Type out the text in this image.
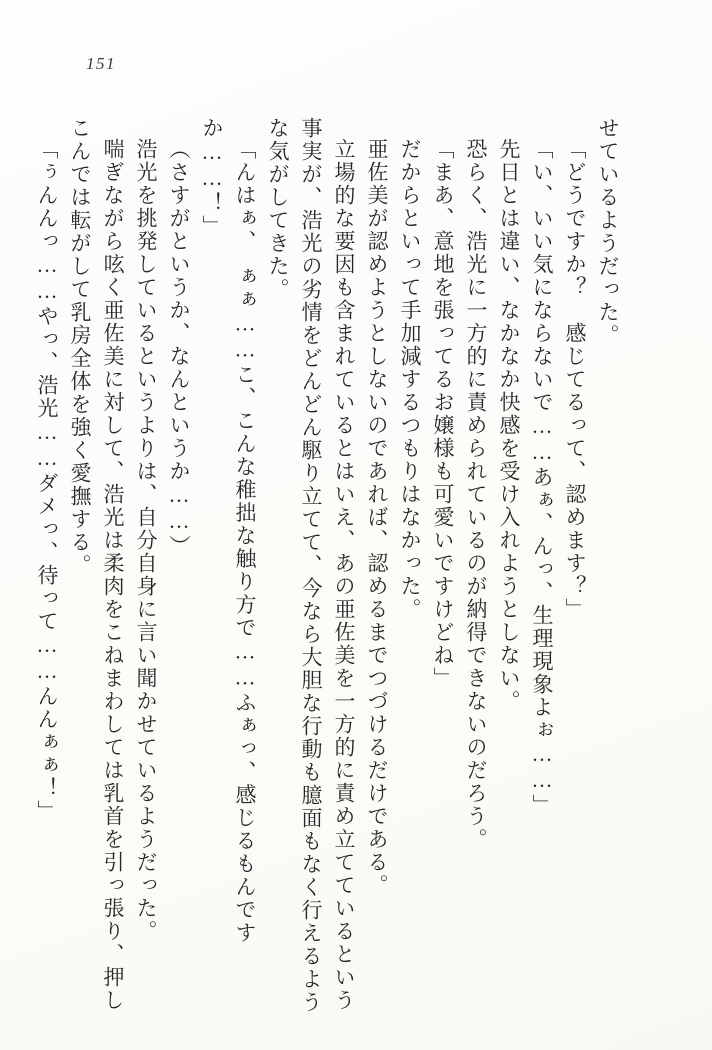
151

せているようだった。

「どうですか？　感じてるって、認めます？」

「い、いい気にならないで……あぁ、んっ、生理現象よぉ……」

先日とは違い、なかなか快感を受け入れようとしない。

恐らく、浩光に一方的に責められているのが納得できないのだろう。

「まあ、意地を張ってるお嬢様も可愛いですけどね」

だからといって手加減するつもりはなかった。

亜佐美が認めようとしないのであれば、認めるまでつづけるだけである。

立場的な要因も含まれているとはいえ、あの亜佐美を一方的に責め立てているという事実が、浩光の劣情をどんどん駆り立てて、今なら大胆な行動も臆面もなく行えるような気がしてきた。

「んはぁ、　ぁぁ……こ、こんな稚拙な触り方で……ふぁっ、感じるもんですか……！」

（さすがというか、なんというか……）

浩光を挑発しているというよりは、自分自身に言い聞かせているようだった。

喘ぎながら呟く亜佐美に対して、浩光は柔肉をこねまわしては乳首を引っ張り、押しこんでは転がして乳房全体を強く愛撫する。

「ぅんんっ……やっ、浩光……ダメっ、待って……んんぁぁ！」
